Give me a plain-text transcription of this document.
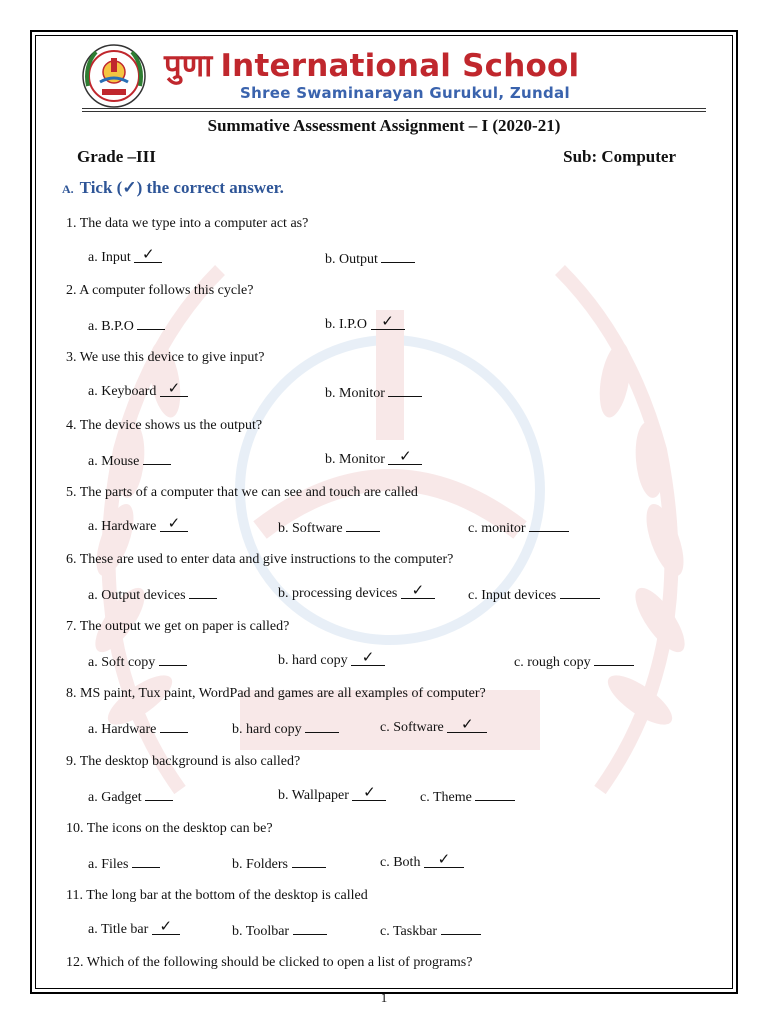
पुणा International School
Shree Swaminarayan Gurukul, Zundal
Summative Assessment Assignment – I (2020-21)
Grade –III	Sub: Computer
A. Tick (✓) the correct answer.
1. The data we type into a computer act as?
a. Input ✓	b. Output
2. A computer follows this cycle?
a. B.P.O	b. I.P.O ✓
3. We use this device to give input?
a. Keyboard ✓	b. Monitor
4. The device shows us the output?
a. Mouse	b. Monitor ✓
5. The parts of a computer that we can see and touch are called
a. Hardware ✓	b. Software	c. monitor
6. These are used to enter data and give instructions to the computer?
a. Output devices	b. processing devices ✓	c. Input devices
7. The output we get on paper is called?
a. Soft copy	b. hard copy ✓	c. rough copy
8. MS paint, Tux paint, WordPad and games are all examples of computer?
a. Hardware	b. hard copy	c. Software ✓
9. The desktop background is also called?
a. Gadget	b. Wallpaper ✓	c. Theme
10. The icons on the desktop can be?
a. Files	b. Folders	c. Both ✓
11. The long bar at the bottom of the desktop is called
a. Title bar ✓	b. Toolbar	c. Taskbar
12. Which of the following should be clicked to open a list of programs?
1
